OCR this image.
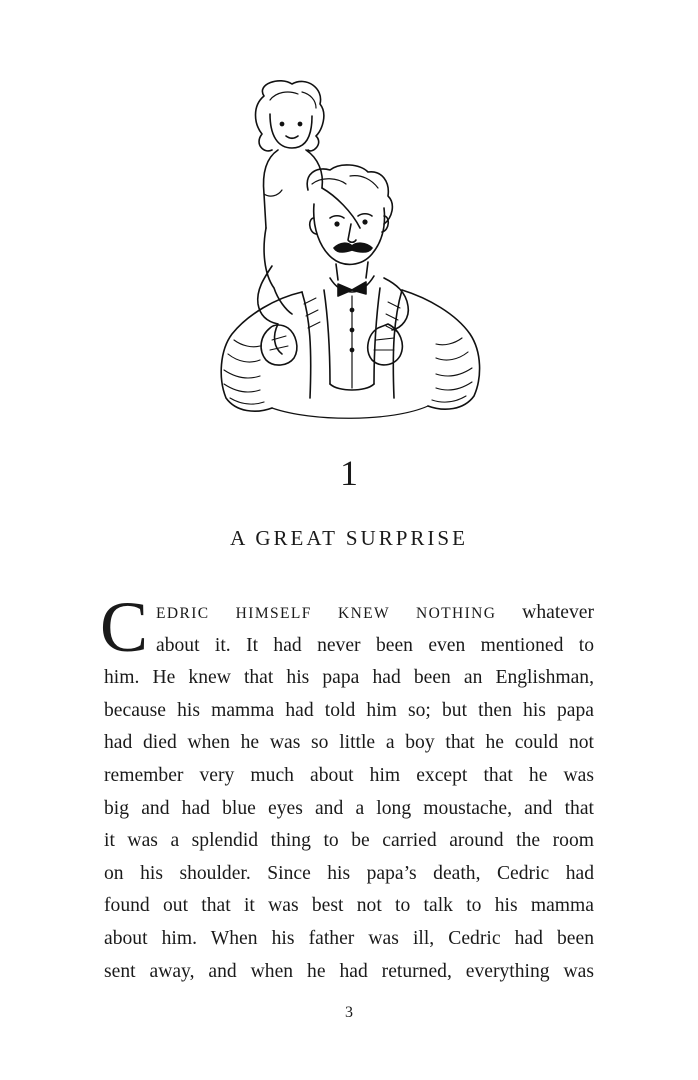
1
A GREAT SURPRISE
C EDRIC HIMSELF KNEW NOTHING whatever
about it. It had never been even mentioned to
him. He knew that his papa had been an Englishman,
because his mamma had told him so; but then his papa
had died when he was so little a boy that he could not
remember very much about him except that he was
big and had blue eyes and a long moustache, and that
it was a splendid thing to be carried around the room
on his shoulder. Since his papa’s death, Cedric had
found out that it was best not to talk to his mamma
about him. When his father was ill, Cedric had been
sent away, and when he had returned, everything was
3
